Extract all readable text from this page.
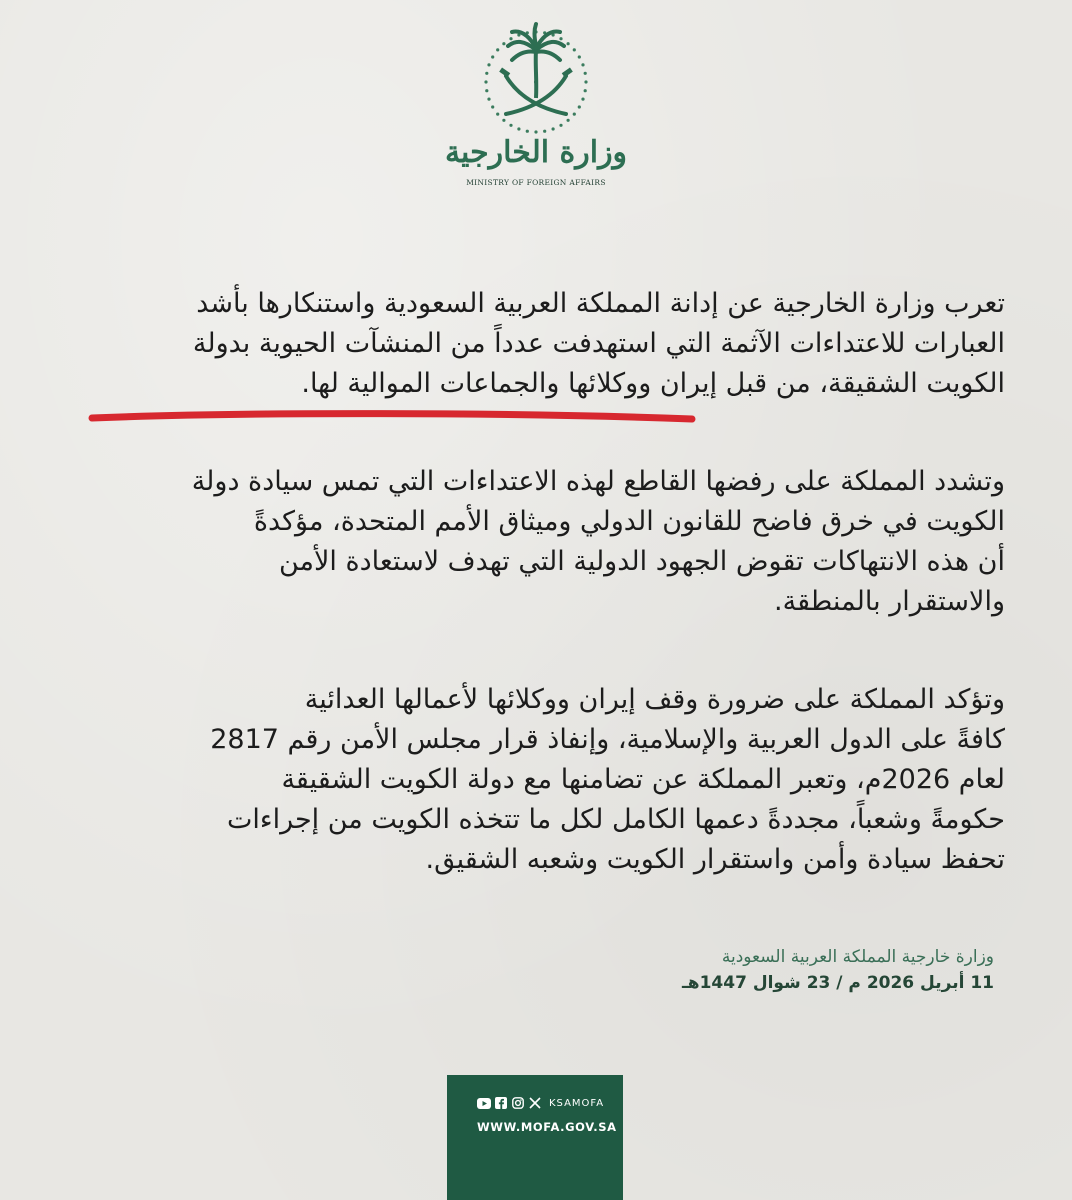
وزارة الخارجية
MINISTRY OF FOREIGN AFFAIRS
تعرب وزارة الخارجية عن إدانة المملكة العربية السعودية واستنكارها بأشد
العبارات للاعتداءات الآثمة التي استهدفت عدداً من المنشآت الحيوية بدولة
الكويت الشقيقة، من قبل إيران ووكلائها والجماعات الموالية لها.
وتشدد المملكة على رفضها القاطع لهذه الاعتداءات التي تمس سيادة دولة
الكويت في خرق فاضح للقانون الدولي وميثاق الأمم المتحدة، مؤكدةً
أن هذه الانتهاكات تقوض الجهود الدولية التي تهدف لاستعادة الأمن
والاستقرار بالمنطقة.
وتؤكد المملكة على ضرورة وقف إيران ووكلائها لأعمالها العدائية
كافةً على الدول العربية والإسلامية، وإنفاذ قرار مجلس الأمن رقم 2817
لعام 2026م، وتعبر المملكة عن تضامنها مع دولة الكويت الشقيقة
حكومةً وشعباً، مجددةً دعمها الكامل لكل ما تتخذه الكويت من إجراءات
تحفظ سيادة وأمن واستقرار الكويت وشعبه الشقيق.
وزارة خارجية المملكة العربية السعودية
11 أبريل 2026 م / 23 شوال 1447هـ
KSAMOFA
WWW.MOFA.GOV.SA
